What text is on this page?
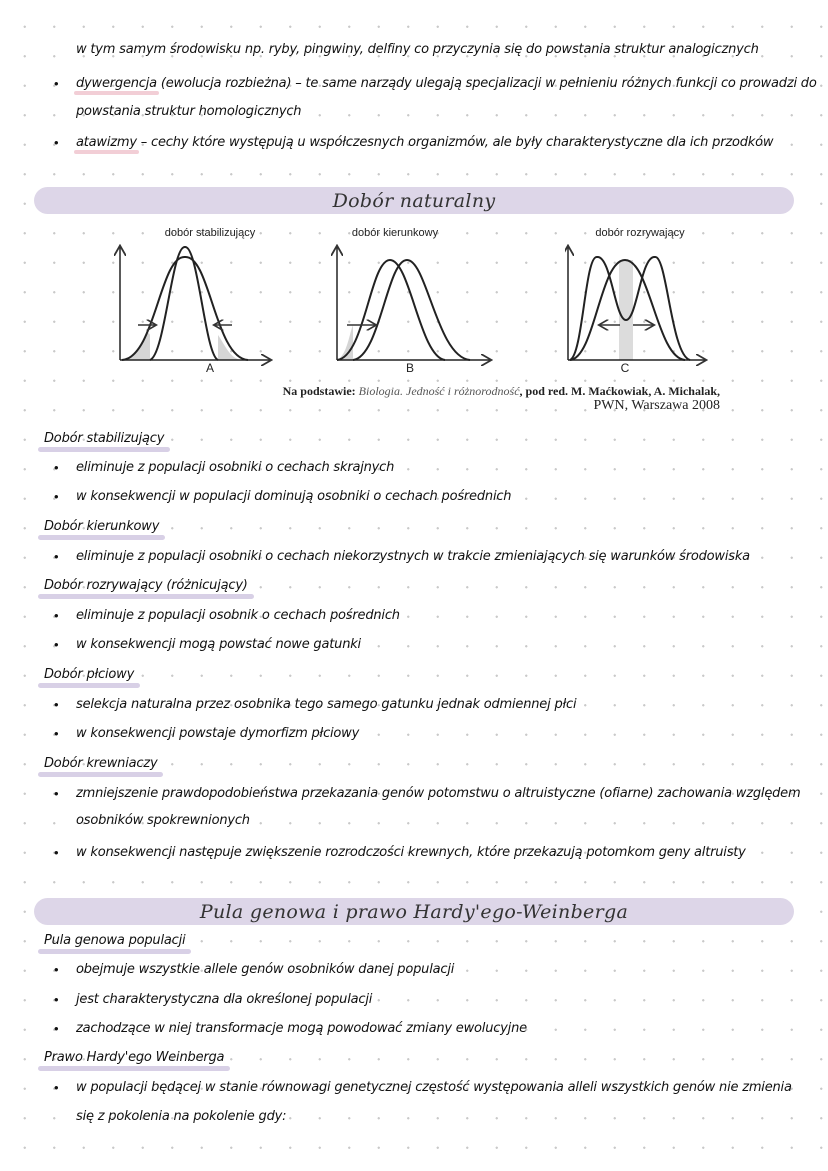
w tym samym środowisku np. ryby, pingwiny, delfiny co przyczynia się do powstania struktur analogicznych
• dywergencja (ewolucja rozbieżna) – te same narządy ulegają specjalizacji w pełnieniu różnych funkcji co prowadzi do
powstania struktur homologicznych
• atawizmy – cechy które występują u współczesnych organizmów, ale były charakterystyczne dla ich przodków
Dobór naturalny
dobór stabilizujący
A
dobór kierunkowy
B
dobór rozrywający
C
Na podstawie: Biologia. Jedność i różnorodność, pod red. M. Maćkowiak, A. Michalak,
PWN, Warszawa 2008
Dobór stabilizujący
• eliminuje z populacji osobniki o cechach skrajnych
• w konsekwencji w populacji dominują osobniki o cechach pośrednich
Dobór kierunkowy
• eliminuje z populacji osobniki o cechach niekorzystnych w trakcie zmieniających się warunków środowiska
Dobór rozrywający (różnicujący)
• eliminuje z populacji osobnik o cechach pośrednich
• w konsekwencji mogą powstać nowe gatunki
Dobór płciowy
• selekcja naturalna przez osobnika tego samego gatunku jednak odmiennej płci
• w konsekwencji powstaje dymorfizm płciowy
Dobór krewniaczy
• zmniejszenie prawdopodobieństwa przekazania genów potomstwu o altruistyczne (ofiarne) zachowania względem
osobników spokrewnionych
• w konsekwencji następuje zwiększenie rozrodczości krewnych, które przekazują potomkom geny altruisty
Pula genowa i prawo Hardy'ego-Weinberga
Pula genowa populacji
• obejmuje wszystkie allele genów osobników danej populacji
• jest charakterystyczna dla określonej populacji
• zachodzące w niej transformacje mogą powodować zmiany ewolucyjne
Prawo Hardy'ego Weinberga
• w populacji będącej w stanie równowagi genetycznej częstość występowania alleli wszystkich genów nie zmienia
się z pokolenia na pokolenie gdy:
